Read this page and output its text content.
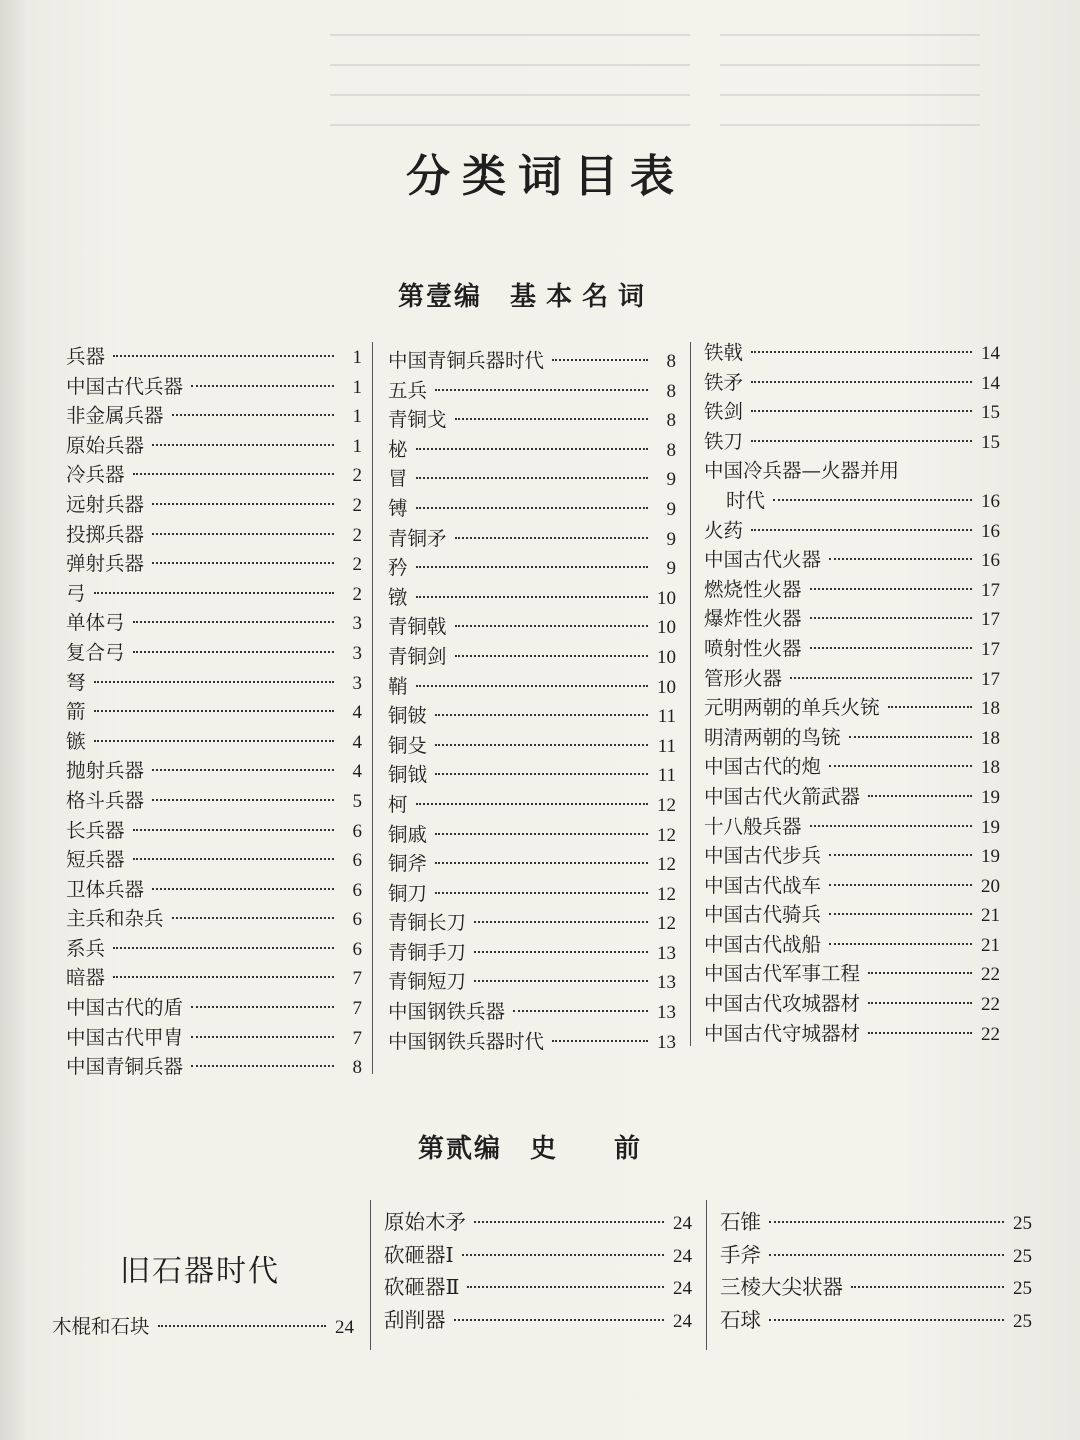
分类词目表
第壹编 基本名词
兵器	1
中国古代兵器	1
非金属兵器	1
原始兵器	1
冷兵器	2
远射兵器	2
投掷兵器	2
弹射兵器	2
弓	2
单体弓	3
复合弓	3
弩	3
箭	4
镞	4
抛射兵器	4
格斗兵器	5
长兵器	6
短兵器	6
卫体兵器	6
主兵和杂兵	6
系兵	6
暗器	7
中国古代的盾	7
中国古代甲胄	7
中国青铜兵器	8
中国青铜兵器时代	8
五兵	8
青铜戈	8
柲	8
冒	9
镈	9
青铜矛	9
矜	9
镦	10
青铜戟	10
青铜剑	10
鞘	10
铜铍	11
铜殳	11
铜钺	11
柯	12
铜戚	12
铜斧	12
铜刀	12
青铜长刀	12
青铜手刀	13
青铜短刀	13
中国钢铁兵器	13
中国钢铁兵器时代	13
铁戟	14
铁矛	14
铁剑	15
铁刀	15
中国冷兵器—火器并用
时代	16
火药	16
中国古代火器	16
燃烧性火器	17
爆炸性火器	17
喷射性火器	17
管形火器	17
元明两朝的单兵火铳	18
明清两朝的鸟铳	18
中国古代的炮	18
中国古代火箭武器	19
十八般兵器	19
中国古代步兵	19
中国古代战车	20
中国古代骑兵	21
中国古代战船	21
中国古代军事工程	22
中国古代攻城器材	22
中国古代守城器材	22
第贰编 史　　前
旧石器时代
木棍和石块	24
原始木矛	24
砍砸器Ⅰ	24
砍砸器Ⅱ	24
刮削器	24
石锥	25
手斧	25
三棱大尖状器	25
石球	25
